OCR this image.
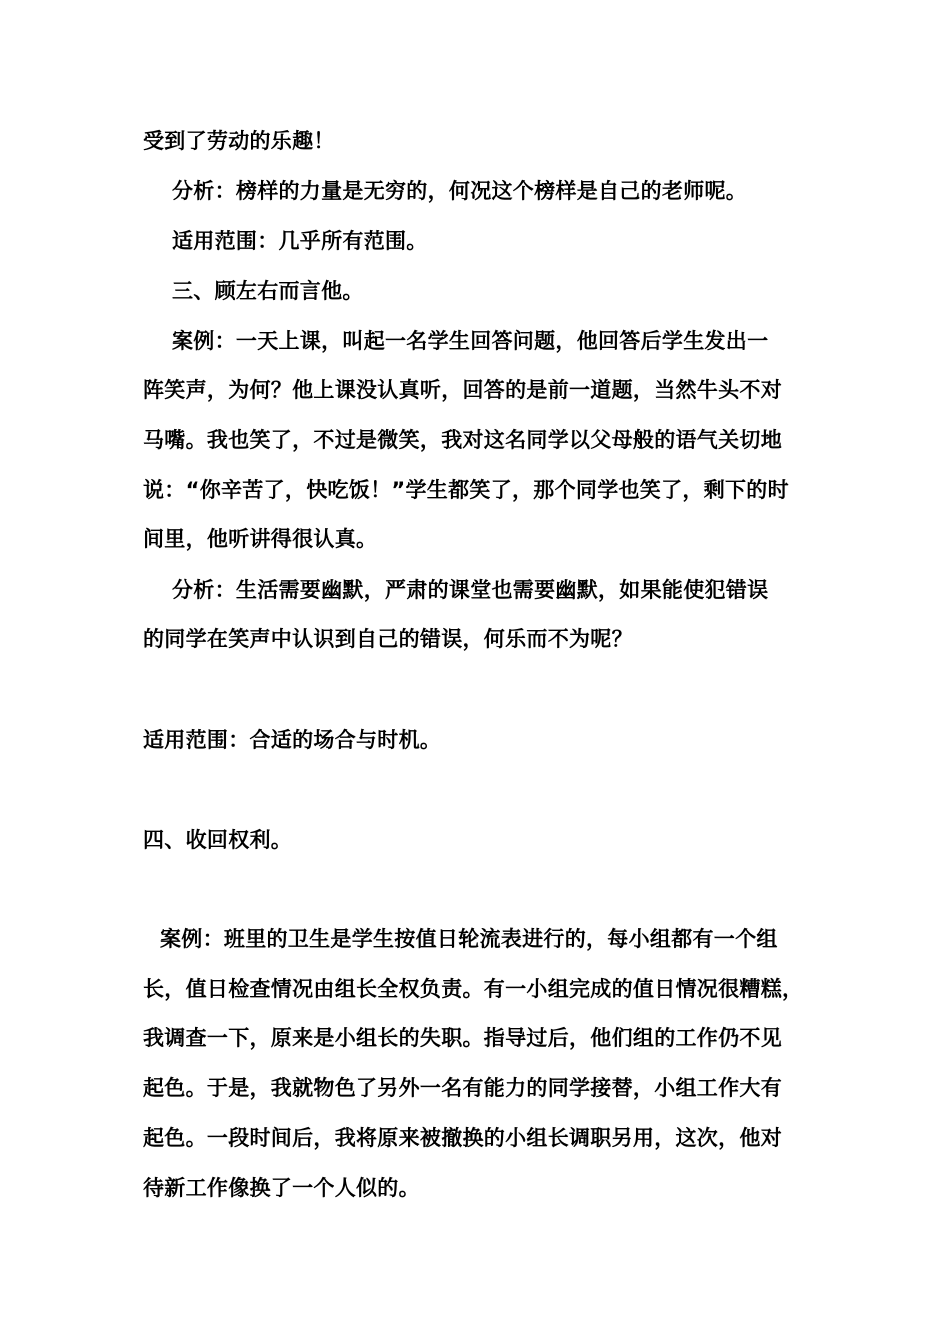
受到了劳动的乐趣！
分析：榜样的力量是无穷的，何况这个榜样是自己的老师呢。
适用范围：几乎所有范围。
三、顾左右而言他。
案例：一天上课，叫起一名学生回答问题，他回答后学生发出一
阵笑声，为何？他上课没认真听，回答的是前一道题，当然牛头不对
马嘴。我也笑了，不过是微笑，我对这名同学以父母般的语气关切地
说：“你辛苦了，快吃饭！”学生都笑了，那个同学也笑了，剩下的时
间里，他听讲得很认真。
分析：生活需要幽默，严肃的课堂也需要幽默，如果能使犯错误
的同学在笑声中认识到自己的错误，何乐而不为呢？
适用范围：合适的场合与时机。
四、收回权利。
案例：班里的卫生是学生按值日轮流表进行的，每小组都有一个组
长，值日检查情况由组长全权负责。有一小组完成的值日情况很糟糕，
我调查一下，原来是小组长的失职。指导过后，他们组的工作仍不见
起色。于是，我就物色了另外一名有能力的同学接替，小组工作大有
起色。一段时间后，我将原来被撤换的小组长调职另用，这次，他对
待新工作像换了一个人似的。
